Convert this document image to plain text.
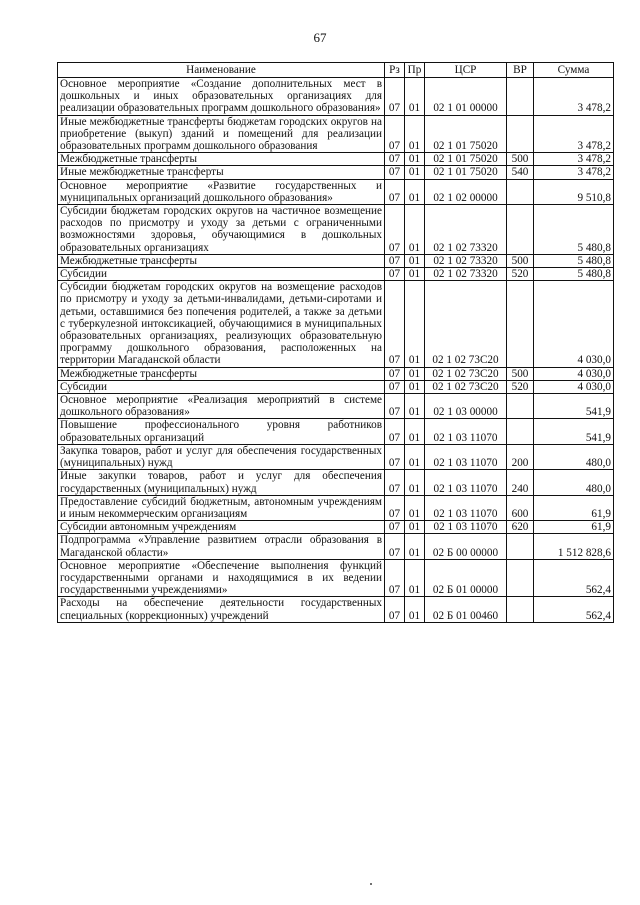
67
Наименование	Рз	Пр	ЦСР	ВР	Сумма
Основное мероприятие «Создание дополнительных мест в дошкольных и иных образовательных организациях для реализации образовательных программ дошкольного образования»	07	01	02 1 01 00000		3 478,2
Иные межбюджетные трансферты бюджетам городских округов на приобретение (выкуп) зданий и помещений для реализации образовательных программ дошкольного образования	07	01	02 1 01 75020		3 478,2
Межбюджетные трансферты	07	01	02 1 01 75020	500	3 478,2
Иные межбюджетные трансферты	07	01	02 1 01 75020	540	3 478,2
Основное мероприятие «Развитие государственных и муниципальных организаций дошкольного образования»	07	01	02 1 02 00000		9 510,8
Субсидии бюджетам городских округов на частичное возмещение расходов по присмотру и уходу за детьми с ограниченными возможностями здоровья, обучающимися в дошкольных образовательных организациях	07	01	02 1 02 73320		5 480,8
Межбюджетные трансферты	07	01	02 1 02 73320	500	5 480,8
Субсидии	07	01	02 1 02 73320	520	5 480,8
Субсидии бюджетам городских округов на возмещение расходов по присмотру и уходу за детьми-инвалидами, детьми-сиротами и детьми, оставшимися без попечения родителей, а также за детьми с туберкулезной интоксикацией, обучающимися в муниципальных образовательных организациях, реализующих образовательную программу дошкольного образования, расположенных на территории Магаданской области	07	01	02 1 02 73С20		4 030,0
Межбюджетные трансферты	07	01	02 1 02 73С20	500	4 030,0
Субсидии	07	01	02 1 02 73С20	520	4 030,0
Основное мероприятие «Реализация мероприятий в системе дошкольного образования»	07	01	02 1 03 00000		541,9
Повышение профессионального уровня работников образовательных организаций	07	01	02 1 03 11070		541,9
Закупка товаров, работ и услуг для обеспечения государственных (муниципальных) нужд	07	01	02 1 03 11070	200	480,0
Иные закупки товаров, работ и услуг для обеспечения государственных (муниципальных) нужд	07	01	02 1 03 11070	240	480,0
Предоставление субсидий бюджетным, автономным учреждениям и иным некоммерческим организациям	07	01	02 1 03 11070	600	61,9
Субсидии автономным учреждениям	07	01	02 1 03 11070	620	61,9
Подпрограмма «Управление развитием отрасли образования в Магаданской области»	07	01	02 Б 00 00000		1 512 828,6
Основное мероприятие «Обеспечение выполнения функций государственными органами и находящимися в их ведении государственными учреждениями»	07	01	02 Б 01 00000		562,4
Расходы на обеспечение деятельности государственных специальных (коррекционных) учреждений	07	01	02 Б 01 00460		562,4
